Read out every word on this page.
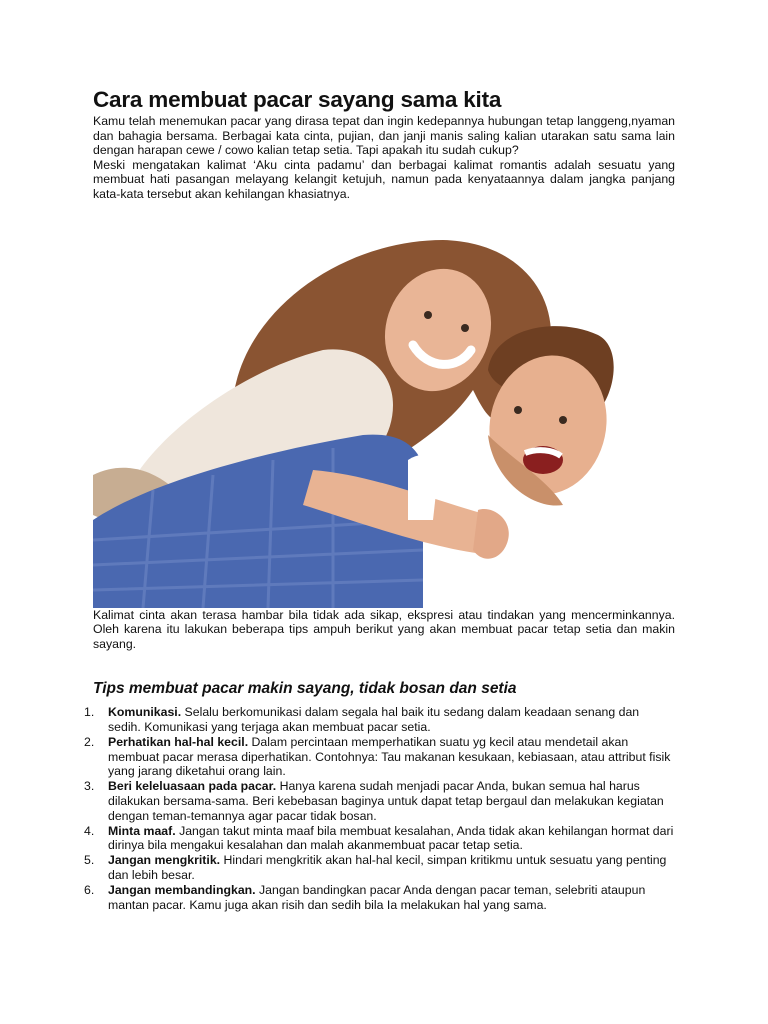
Cara membuat pacar sayang sama kita

Kamu telah menemukan pacar yang dirasa tepat dan ingin kedepannya hubungan tetap langgeng,nyaman dan bahagia bersama. Berbagai kata cinta, pujian, dan janji manis saling kalian utarakan satu sama lain dengan harapan cewe / cowo kalian tetap setia. Tapi apakah itu sudah cukup?

Meski mengatakan kalimat ‘Aku cinta padamu’ dan berbagai kalimat romantis adalah sesuatu yang membuat hati pasangan melayang kelangit ketujuh, namun pada kenyataannya dalam jangka panjang kata-kata tersebut akan kehilangan khasiatnya.

Kalimat cinta akan terasa hambar bila tidak ada sikap, ekspresi atau tindakan yang mencerminkannya. Oleh karena itu lakukan beberapa tips ampuh berikut yang akan membuat pacar tetap setia dan makin sayang.

Tips membuat pacar makin sayang, tidak bosan dan setia
1. Komunikasi. Selalu berkomunikasi dalam segala hal baik itu sedang dalam keadaan senang dan sedih. Komunikasi yang terjaga akan membuat pacar setia.
2. Perhatikan hal-hal kecil. Dalam percintaan memperhatikan suatu yg kecil atau mendetail akan membuat pacar merasa diperhatikan. Contohnya: Tau makanan kesukaan, kebiasaan, atau attribut fisik yang jarang diketahui orang lain.
3. Beri keleluasaan pada pacar. Hanya karena sudah menjadi pacar Anda, bukan semua hal harus dilakukan bersama-sama. Beri kebebasan baginya untuk dapat tetap bergaul dan melakukan kegiatan dengan teman-temannya agar pacar tidak bosan.
4. Minta maaf. Jangan takut minta maaf bila membuat kesalahan, Anda tidak akan kehilangan hormat dari dirinya bila mengakui kesalahan dan malah akanmembuat pacar tetap setia.
5. Jangan mengkritik. Hindari mengkritik akan hal-hal kecil, simpan kritikmu untuk sesuatu yang penting dan lebih besar.
6. Jangan membandingkan. Jangan bandingkan pacar Anda dengan pacar teman, selebriti ataupun mantan pacar. Kamu juga akan risih dan sedih bila Ia melakukan hal yang sama.
